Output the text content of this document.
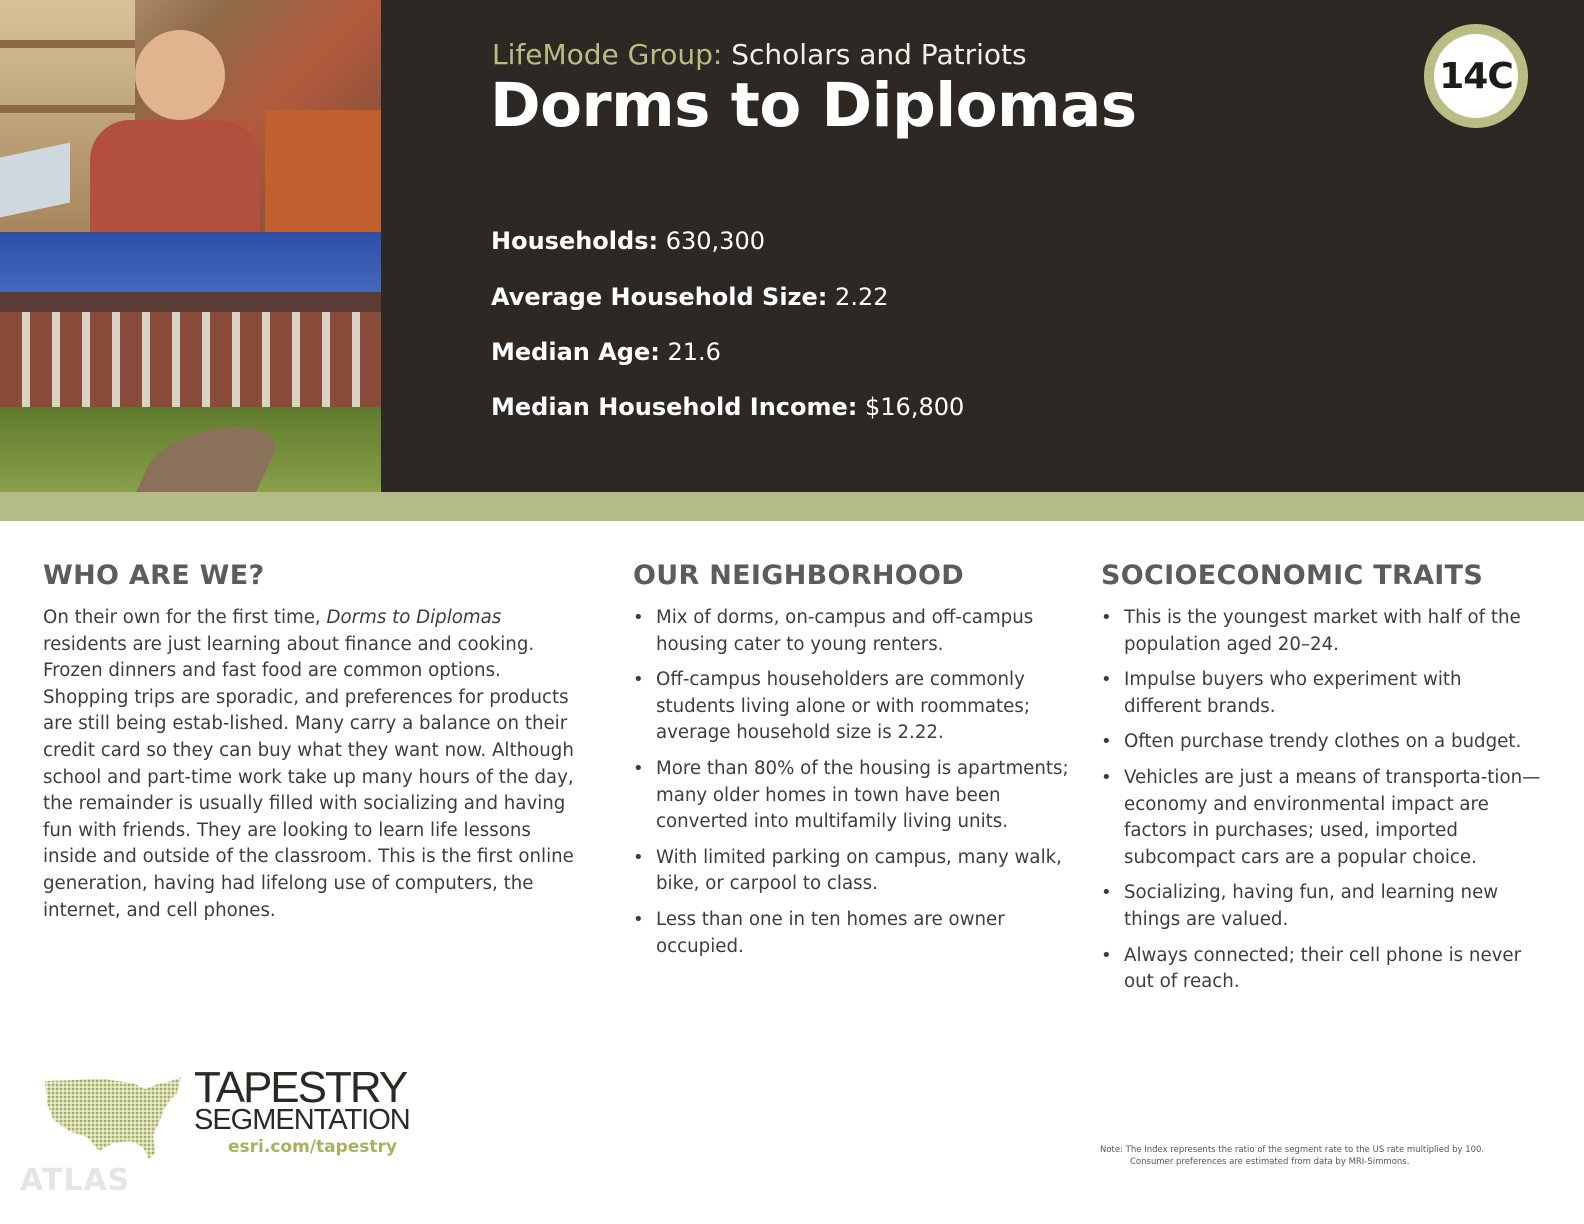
LifeMode Group: Scholars and Patriots
Dorms to Diplomas	14C
Households: 630,300
Average Household Size: 2.22
Median Age: 21.6
Median Household Income: $16,800
WHO ARE WE?

On their own for the first time, Dorms to Diplomas residents are just learning about finance and cooking. Frozen dinners and fast food are common options. Shopping trips are sporadic, and preferences for products are still being estab-lished. Many carry a balance on their credit card so they can buy what they want now. Although school and part-time work take up many hours of the day, the remainder is usually filled with socializing and having fun with friends. They are looking to learn life lessons inside and outside of the classroom. This is the first online generation, having had lifelong use of computers, the internet, and cell phones.

OUR NEIGHBORHOOD
• Mix of dorms, on-campus and off-campus housing cater to young renters.
• Off-campus householders are commonly students living alone or with roommates; average household size is 2.22.
• More than 80% of the housing is apartments; many older homes in town have been converted into multifamily living units.
• With limited parking on campus, many walk, bike, or carpool to class.
• Less than one in ten homes are owner occupied.
SOCIOECONOMIC TRAITS
• This is the youngest market with half of the population aged 20–24.
• Impulse buyers who experiment with different brands.
• Often purchase trendy clothes on a budget.
• Vehicles are just a means of transporta-tion—economy and environmental impact are factors in purchases; used, imported subcompact cars are a popular choice.
• Socializing, having fun, and learning new things are valued.
• Always connected; their cell phone is never out of reach.
TAPESTRY
SEGMENTATION
esri.com/tapestry
ATLAS
Note: The Index represents the ratio of the segment rate to the US rate multiplied by 100.
Consumer preferences are estimated from data by MRI-Simmons.
